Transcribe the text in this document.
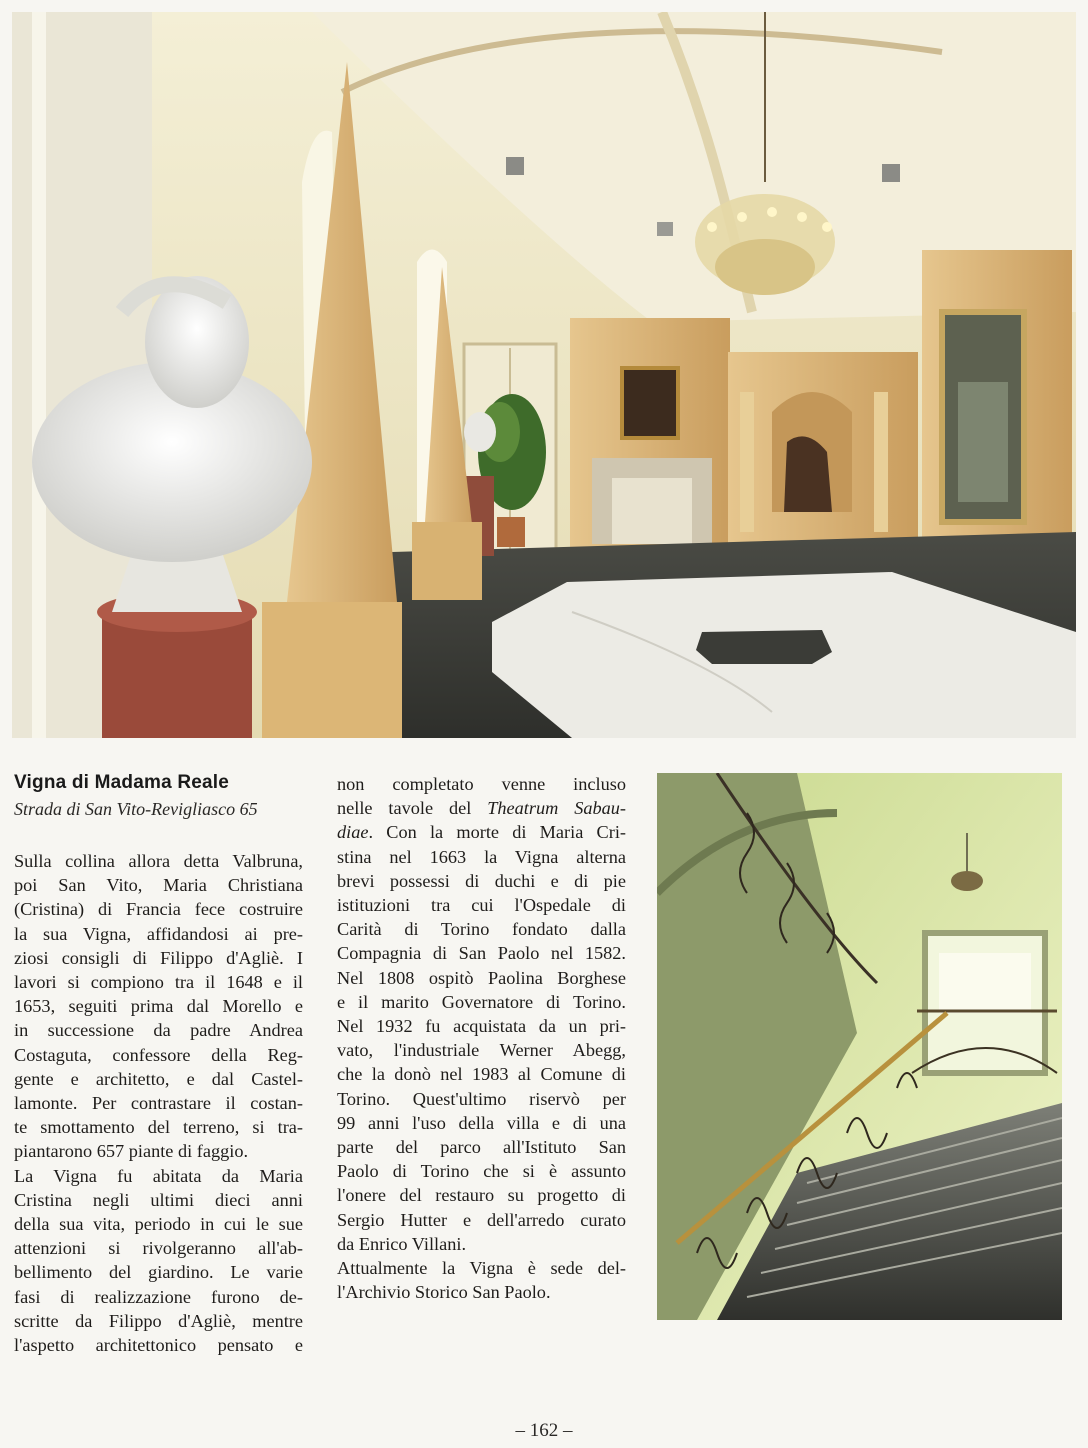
Vigna di Madama Reale
Strada di San Vito-Revigliasco 65
Sulla collina allora detta Valbruna,
poi San Vito, Maria Christiana
(Cristina) di Francia fece costruire
la sua Vigna, affidandosi ai pre-
ziosi consigli di Filippo d'Agliè. I
lavori si compiono tra il 1648 e il
1653, seguiti prima dal Morello e
in successione da padre Andrea
Costaguta, confessore della Reg-
gente e architetto, e dal Castel-
lamonte. Per contrastare il costan-
te smottamento del terreno, si tra-
piantarono 657 piante di faggio.
La Vigna fu abitata da Maria
Cristina negli ultimi dieci anni
della sua vita, periodo in cui le sue
attenzioni si rivolgeranno all'ab-
bellimento del giardino. Le varie
fasi di realizzazione furono de-
scritte da Filippo d'Agliè, mentre
l'aspetto architettonico pensato e
non completato venne incluso
nelle tavole del Theatrum Sabau-
diae. Con la morte di Maria Cri-
stina nel 1663 la Vigna alterna
brevi possessi di duchi e di pie
istituzioni tra cui l'Ospedale di
Carità di Torino fondato dalla
Compagnia di San Paolo nel 1582.
Nel 1808 ospitò Paolina Borghese
e il marito Governatore di Torino.
Nel 1932 fu acquistata da un pri-
vato, l'industriale Werner Abegg,
che la donò nel 1983 al Comune di
Torino. Quest'ultimo riservò per
99 anni l'uso della villa e di una
parte del parco all'Istituto San
Paolo di Torino che si è assunto
l'onere del restauro su progetto di
Sergio Hutter e dell'arredo curato
da Enrico Villani.
Attualmente la Vigna è sede del-
l'Archivio Storico San Paolo.
– 162 –
